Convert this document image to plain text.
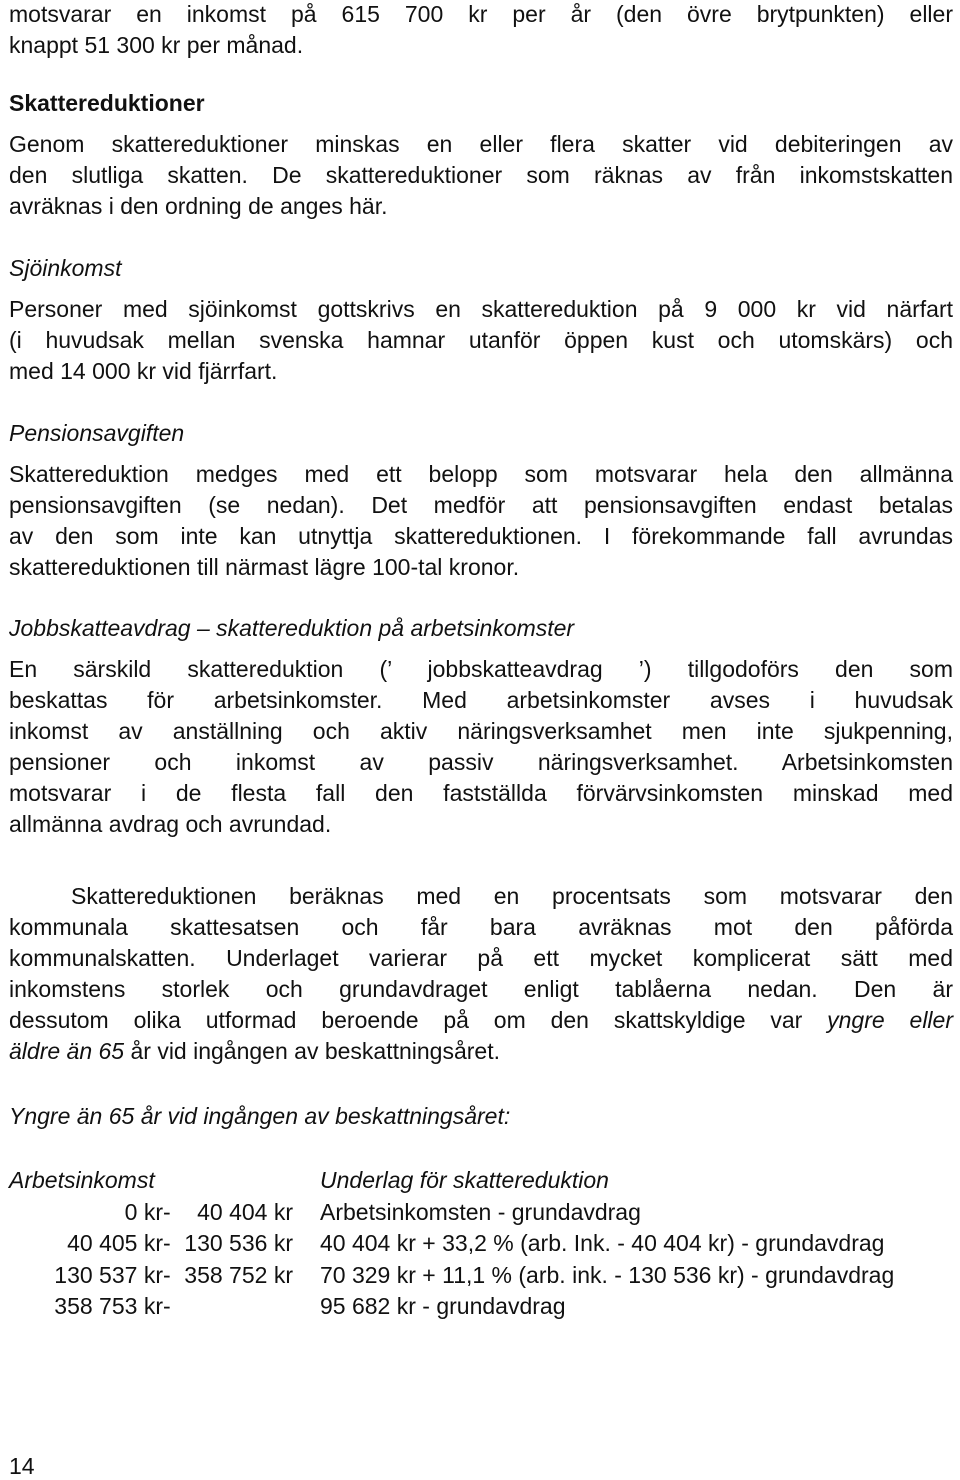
motsvarar en inkomst på 615 700 kr per år (den övre brytpunkten) eller
knappt 51 300 kr per månad.
Skattereduktioner
Genom skattereduktioner minskas en eller flera skatter vid debiteringen av
den slutliga skatten. De skattereduktioner som räknas av från inkomstskatten
avräknas i den ordning de anges här.
Sjöinkomst
Personer med sjöinkomst gottskrivs en skattereduktion på 9 000 kr vid närfart
(i huvudsak mellan svenska hamnar utanför öppen kust och utomskärs) och
med 14 000 kr vid fjärrfart.
Pensionsavgiften
Skattereduktion medges med ett belopp som motsvarar hela den allmänna
pensionsavgiften (se nedan). Det medför att pensionsavgiften endast betalas
av den som inte kan utnyttja skattereduktionen. I förekommande fall avrundas
skattereduktionen till närmast lägre 100-tal kronor.
Jobbskatteavdrag – skattereduktion på arbetsinkomster
En särskild skattereduktion (’ jobbskatteavdrag ’) tillgodoförs den som
beskattas för arbetsinkomster. Med arbetsinkomster avses i huvudsak
inkomst av anställning och aktiv näringsverksamhet men inte sjukpenning,
pensioner och inkomst av passiv näringsverksamhet. Arbetsinkomsten
motsvarar i de flesta fall den fastställda förvärvsinkomsten minskad med
allmänna avdrag och avrundad.
Skattereduktionen beräknas med en procentsats som motsvarar den
kommunala skattesatsen och får bara avräknas mot den påförda
kommunalskatten. Underlaget varierar på ett mycket komplicerat sätt med
inkomstens storlek och grundavdraget enligt tablåerna nedan. Den är
dessutom olika utformad beroende på om den skattskyldige var yngre eller
äldre än 65 år vid ingången av beskattningsåret.
Yngre än 65 år vid ingången av beskattningsåret:
Arbetsinkomst	Underlag för skattereduktion
0 kr - 40 404 kr Arbetsinkomsten - grundavdrag
40 405 kr - 130 536 kr 40 404 kr + 33,2 % (arb. Ink. - 40 404 kr) - grundavdrag
130 537 kr - 358 752 kr 70 329 kr + 11,1 % (arb. ink. - 130 536 kr) - grundavdrag
358 753 kr -	95 682 kr - grundavdrag
14
